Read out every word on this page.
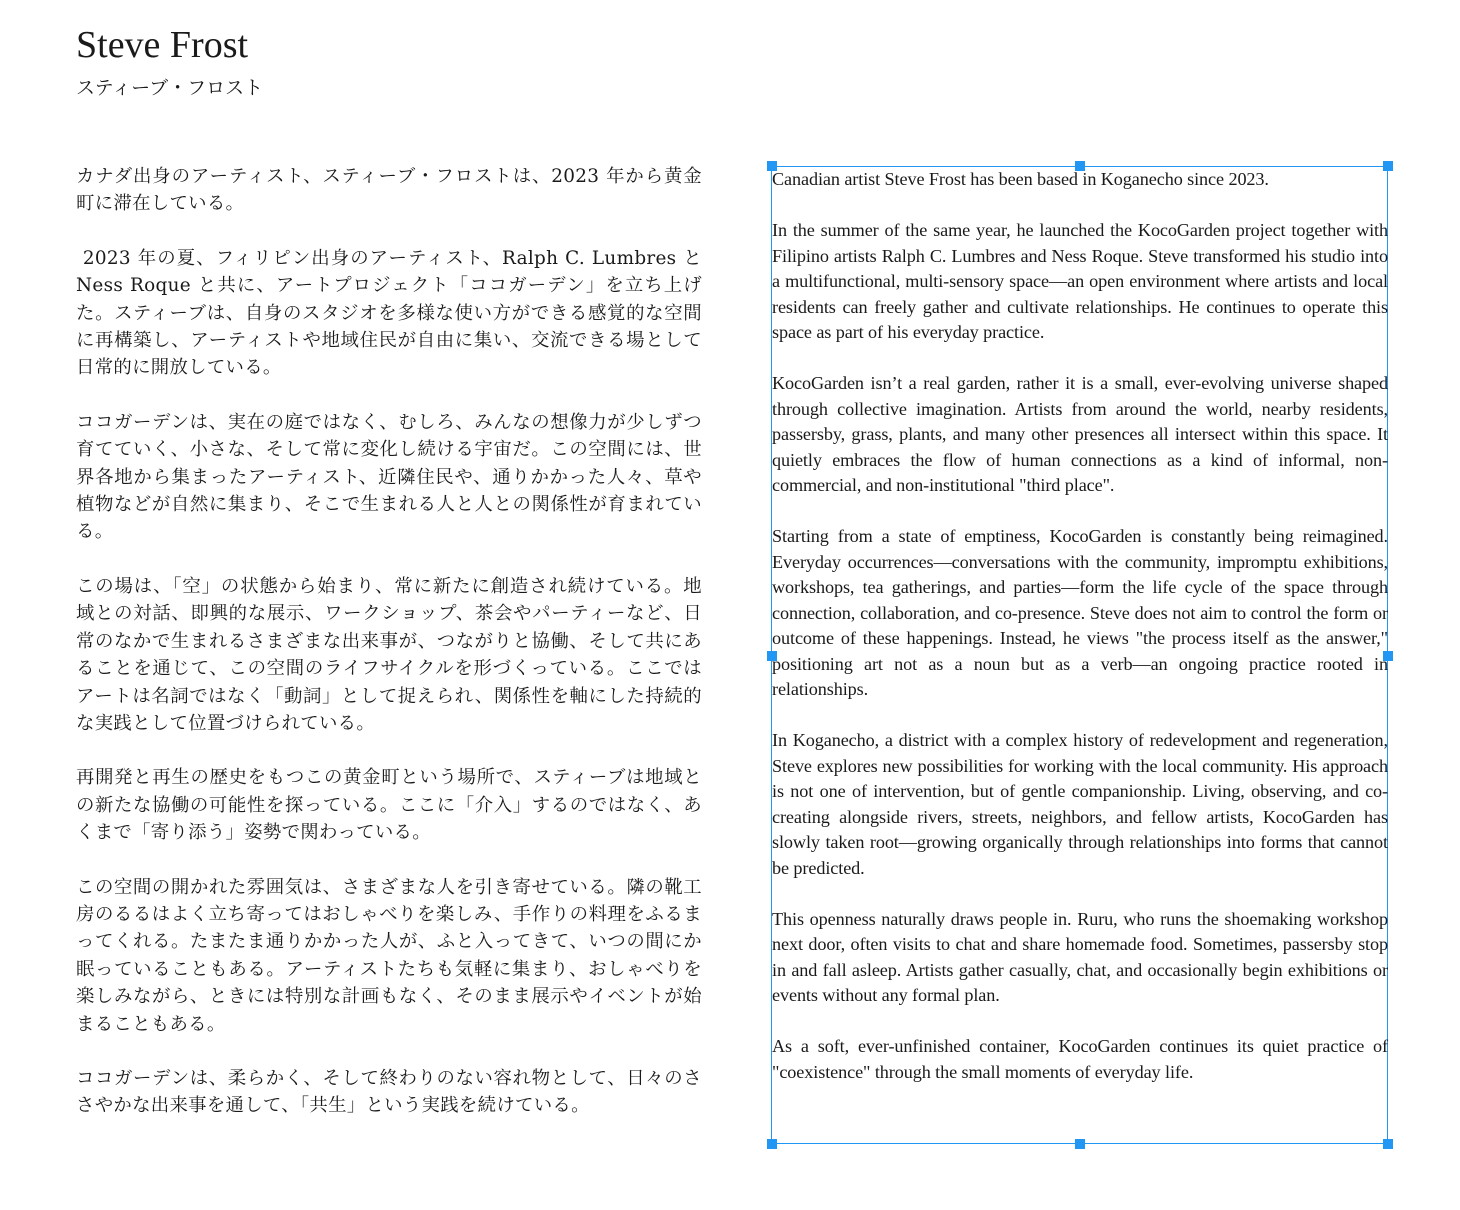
Steve Frost
スティーブ・フロスト

カナダ出身のアーティスト、スティーブ・フロストは、2023 年から黄金町に滞在している。

2023 年の夏、フィリピン出身のアーティスト、Ralph C. Lumbres と Ness Roque と共に、アートプロジェクト「ココガーデン」を立ち上げた。スティーブは、自身のスタジオを多様な使い方ができる感覚的な空間に再構築し、アーティストや地域住民が自由に集い、交流できる場として日常的に開放している。

ココガーデンは、実在の庭ではなく、むしろ、みんなの想像力が少しずつ育てていく、小さな、そして常に変化し続ける宇宙だ。この空間には、世界各地から集まったアーティスト、近隣住民や、通りかかった人々、草や植物などが自然に集まり、そこで生まれる人と人との関係性が育まれている。

この場は、「空」の状態から始まり、常に新たに創造され続けている。地域との対話、即興的な展示、ワークショップ、茶会やパーティーなど、日常のなかで生まれるさまざまな出来事が、つながりと協働、そして共にあることを通じて、この空間のライフサイクルを形づくっている。ここではアートは名詞ではなく「動詞」として捉えられ、関係性を軸にした持続的な実践として位置づけられている。

再開発と再生の歴史をもつこの黄金町という場所で、スティーブは地域との新たな協働の可能性を探っている。ここに「介入」するのではなく、あくまで「寄り添う」姿勢で関わっている。

この空間の開かれた雰囲気は、さまざまな人を引き寄せている。隣の靴工房のるるはよく立ち寄ってはおしゃべりを楽しみ、手作りの料理をふるまってくれる。たまたま通りかかった人が、ふと入ってきて、いつの間にか眠っていることもある。アーティストたちも気軽に集まり、おしゃべりを楽しみながら、ときには特別な計画もなく、そのまま展示やイベントが始まることもある。

ココガーデンは、柔らかく、そして終わりのない容れ物として、日々のささやかな出来事を通して、「共生」という実践を続けている。

Canadian artist Steve Frost has been based in Koganecho since 2023.

In the summer of the same year, he launched the KocoGarden project together with Filipino artists Ralph C. Lumbres and Ness Roque. Steve transformed his studio into a multifunctional, multi-sensory space—an open environment where artists and local residents can freely gather and cultivate relationships. He continues to operate this space as part of his everyday practice.

KocoGarden isn’t a real garden, rather it is a small, ever-evolving universe shaped through collective imagination. Artists from around the world, nearby residents, passersby, grass, plants, and many other presences all intersect within this space. It quietly embraces the flow of human connections as a kind of informal, non-commercial, and non-institutional "third place".

Starting from a state of emptiness, KocoGarden is constantly being reimagined. Everyday occurrences—conversations with the community, impromptu exhibitions, workshops, tea gatherings, and parties—form the life cycle of the space through connection, collaboration, and co-presence. Steve does not aim to control the form or outcome of these happenings. Instead, he views "the process itself as the answer," positioning art not as a noun but as a verb—an ongoing practice rooted in relationships.

In Koganecho, a district with a complex history of redevelopment and regeneration, Steve explores new possibilities for working with the local community. His approach is not one of intervention, but of gentle companionship. Living, observing, and co-creating alongside rivers, streets, neighbors, and fellow artists, KocoGarden has slowly taken root—growing organically through relationships into forms that cannot be predicted.

This openness naturally draws people in. Ruru, who runs the shoemaking workshop next door, often visits to chat and share homemade food. Sometimes, passersby stop in and fall asleep. Artists gather casually, chat, and occasionally begin exhibitions or events without any formal plan.

As a soft, ever-unfinished container, KocoGarden continues its quiet practice of "coexistence" through the small moments of everyday life.
